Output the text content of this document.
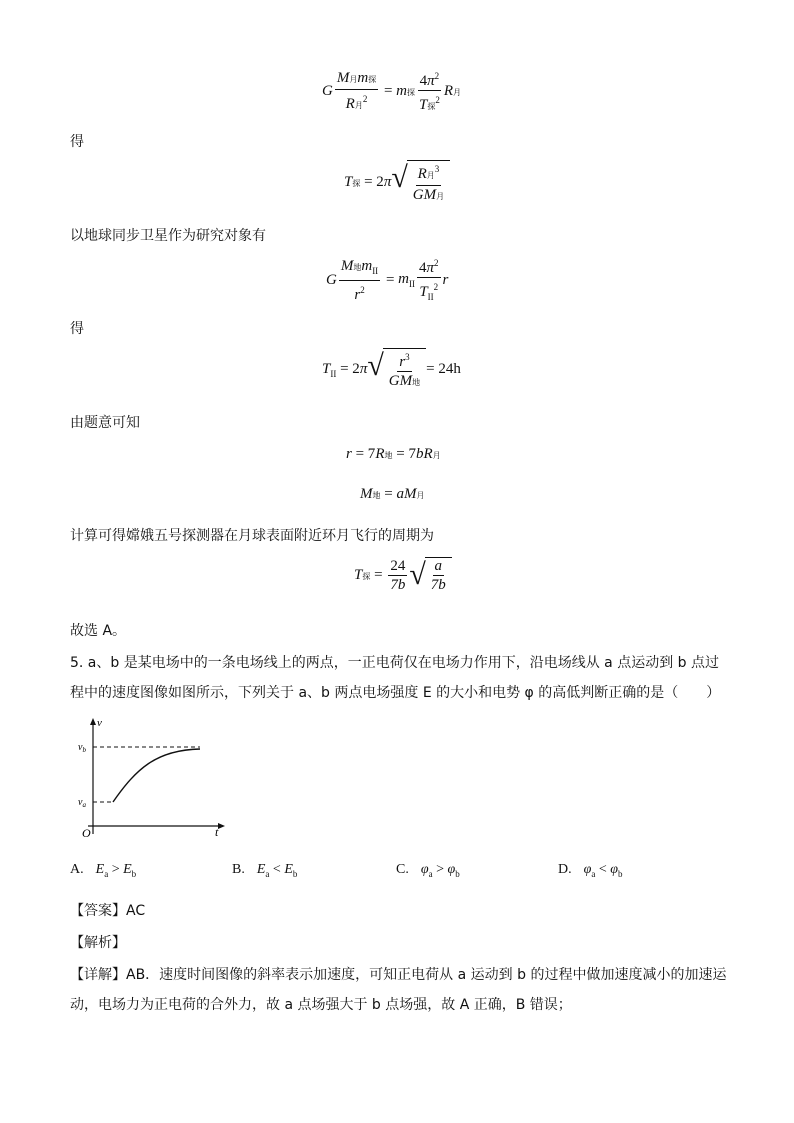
G $\frac{\text{M月m探}}{R月^2} = m$探 $\frac{4\pi^2}{T探^2}$ R月
得
T探 = 2 π √ $\frac{R月^3}{\text{GM月}}$
以地球同步卫星作为研究对象有
G $\frac{M地m_{II}}{r^2} = m_{II} \frac{4\pi^2}{T_{II}^2}$ r
得
$T_{II} = 2$ π √ $\frac{r^3}{\text{GM地}} = 24h$
由题意可知
r = 7 R地 = 7 bR月
M地 = aM月
计算可得嫦娥五号探测器在月球表面附近环月飞行的周期为
T探 = $\frac{24}{7b}$ √ $\frac{a}{7b}$
故选 A。
5. a、b 是某电场中的一条电场线上的两点，一正电荷仅在电场力作用下，沿电场线从 a 点运动到 b 点过
程中的速度图像如图所示，下列关于 a、b 两点电场强度 E 的大小和电势 φ 的高低判断正确的是（　　）
v
t
O
$v_b$
$v_a$
A. $E_a > E_b$	B. $E_a < E_b$	C. $\varphi_a > \varphi_b$	D. $\varphi_a < \varphi_b$
【答案】AC
【解析】
【详解】AB．速度时间图像的斜率表示加速度，可知正电荷从 a 运动到 b 的过程中做加速度减小的加速运
动，电场力为正电荷的合外力，故 a 点场强大于 b 点场强，故 A 正确，B 错误；
